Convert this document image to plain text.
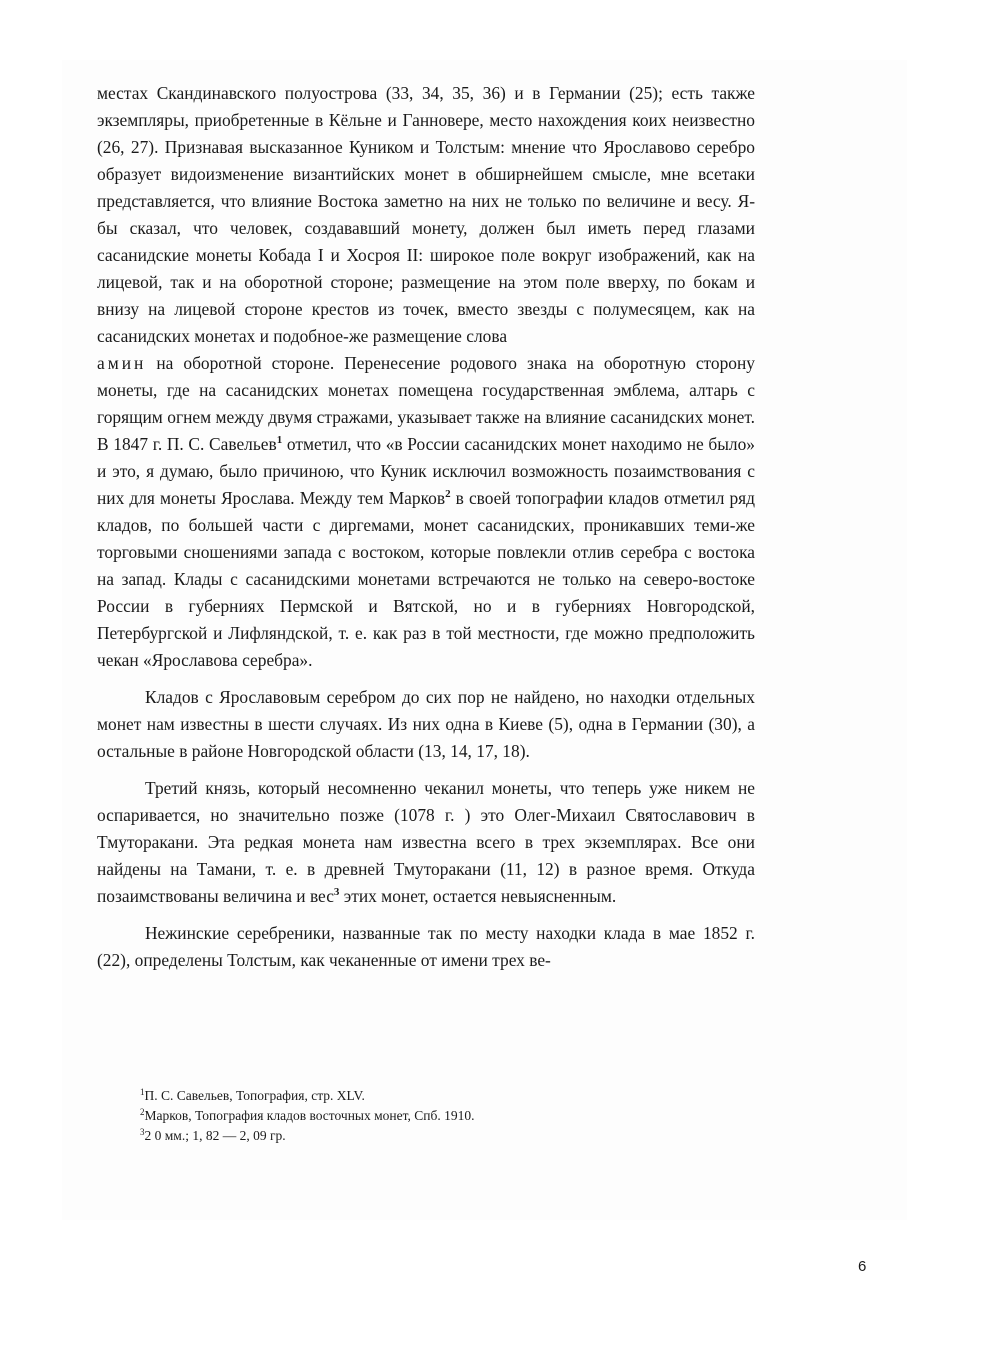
местах Скандинавского полуострова (33, 34, 35, 36) и в Германии (25); есть также экземпляры, приобретенные в Кёльне и Ганновере, место нахождения коих неизвестно (26, 27). Признавая высказанное Куником и Толстым: мнение что Ярославово серебро образует видоизменение византийских монет в обширнейшем смысле, мне всетаки представляется, что влияние Востока заметно на них не только по величине и весу. Я-бы сказал, что человек, создававший монету, должен был иметь перед глазами сасанидские монеты Кобада I и Хосроя II: широкое поле вокруг изображений, как на лицевой, так и на оборотной стороне; размещение на этом поле вверху, по бокам и внизу на лицевой стороне крестов из точек, вместо звезды с полумесяцем, как на сасанидских монетах и подобное-же размещение слова
амин на оборотной стороне. Перенесение родового знака на оборотную сторону монеты, где на сасанидских монетах помещена государственная эмблема, алтарь с горящим огнем между двумя стражами, указывает также на влияние сасанидских монет. В 1847 г. П. С. Савельев$^1$ отметил, что «в России сасанидских монет находимо не было» и это, я думаю, было причиною, что Куник исключил возможность позаимствования с них для монеты Ярослава. Между тем Марков$^2$ в своей топографии кладов отметил ряд кладов, по большей части с диргемами, монет сасанидских, проникавших теми-же торговыми сношениями запада с востоком, которые повлекли отлив серебра с востока на запад. Клады с сасанидскими монетами встречаются не только на северо-востоке России в губерниях Пермской и Вятской, но и в губерниях Новгородской, Петербургской и Лифляндской, т. е. как раз в той местности, где можно предположить чекан «Ярославова серебра».

Кладов с Ярославовым серебром до сих пор не найдено, но находки отдельных монет нам известны в шести случаях. Из них одна в Киеве (5), одна в Германии (30), а остальные в районе Новгородской области (13, 14, 17, 18).

Третий князь, который несомненно чеканил монеты, что теперь уже никем не оспаривается, но значительно позже (1078 г. ) это Олег-Михаил Святославович в Тмуторакани. Эта редкая монета нам известна всего в трех экземплярах. Все они найдены на Тамани, т. е. в древней Тмуторакани (11, 12) в разное время. Откуда позаимствованы величина и вес$^3$ этих монет, остается невыясненным.

Нежинские серебреники, названные так по месту находки клада в мае 1852 г. (22), определены Толстым, как чеканенные от имени трех ве-

$^1$П. С. Савельев, Топография, стр. XLV.
$^2$Марков, Топография кладов восточных монет, Спб. 1910.
$^3$2 0 мм.; 1, 82 — 2, 09 гр.
6
